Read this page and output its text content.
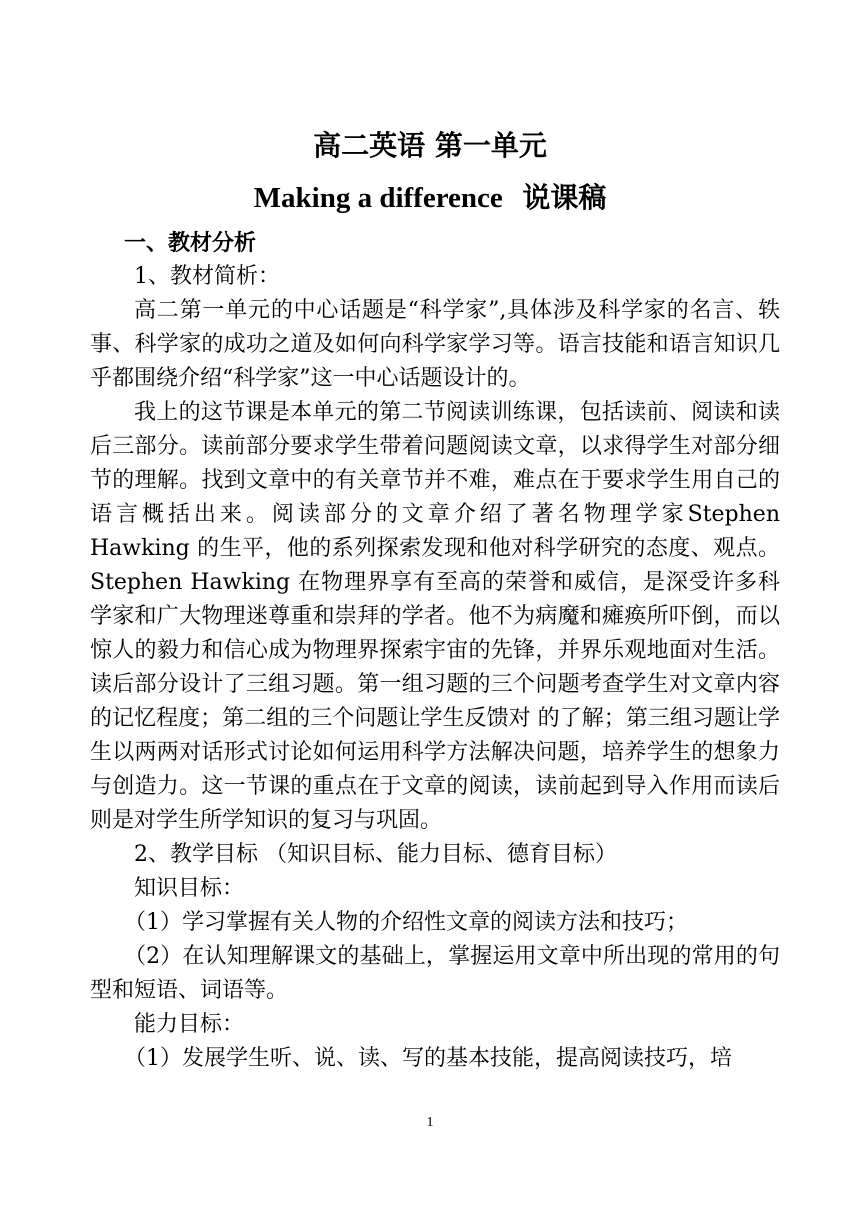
高二英语 第一单元
Making a difference 说课稿

一、教材分析

1、教材简析：

高二第一单元的中心话题是“科学家”,具体涉及科学家的名言、轶事、科学家的成功之道及如何向科学家学习等。语言技能和语言知识几乎都围绕介绍“科学家”这一中心话题设计的。

我上的这节课是本单元的第二节阅读训练课，包括读前、阅读和读后三部分。读前部分要求学生带着问题阅读文章，以求得学生对部分细节的理解。找到文章中的有关章节并不难，难点在于要求学生用自己的语言概括出来。阅读部分的文章介绍了著名物理学家Stephen Hawking 的生平，他的系列探索发现和他对科学研究的态度、观点。 Stephen Hawking 在物理界享有至高的荣誉和威信，是深受许多科学家和广大物理迷尊重和崇拜的学者。他不为病魔和瘫痪所吓倒，而以惊人的毅力和信心成为物理界探索宇宙的先锋，并界乐观地面对生活。读后部分设计了三组习题。第一组习题的三个问题考查学生对文章内容的记忆程度；第二组的三个问题让学生反馈对 的了解；第三组习题让学生以两两对话形式讨论如何运用科学方法解决问题，培养学生的想象力与创造力。这一节课的重点在于文章的阅读，读前起到导入作用而读后则是对学生所学知识的复习与巩固。

2、教学目标 （知识目标、能力目标、德育目标）

知识目标：

（1）学习掌握有关人物的介绍性文章的阅读方法和技巧；

（2）在认知理解课文的基础上，掌握运用文章中所出现的常用的句型和短语、词语等。

能力目标：

（1）发展学生听、说、读、写的基本技能，提高阅读技巧，培

1
